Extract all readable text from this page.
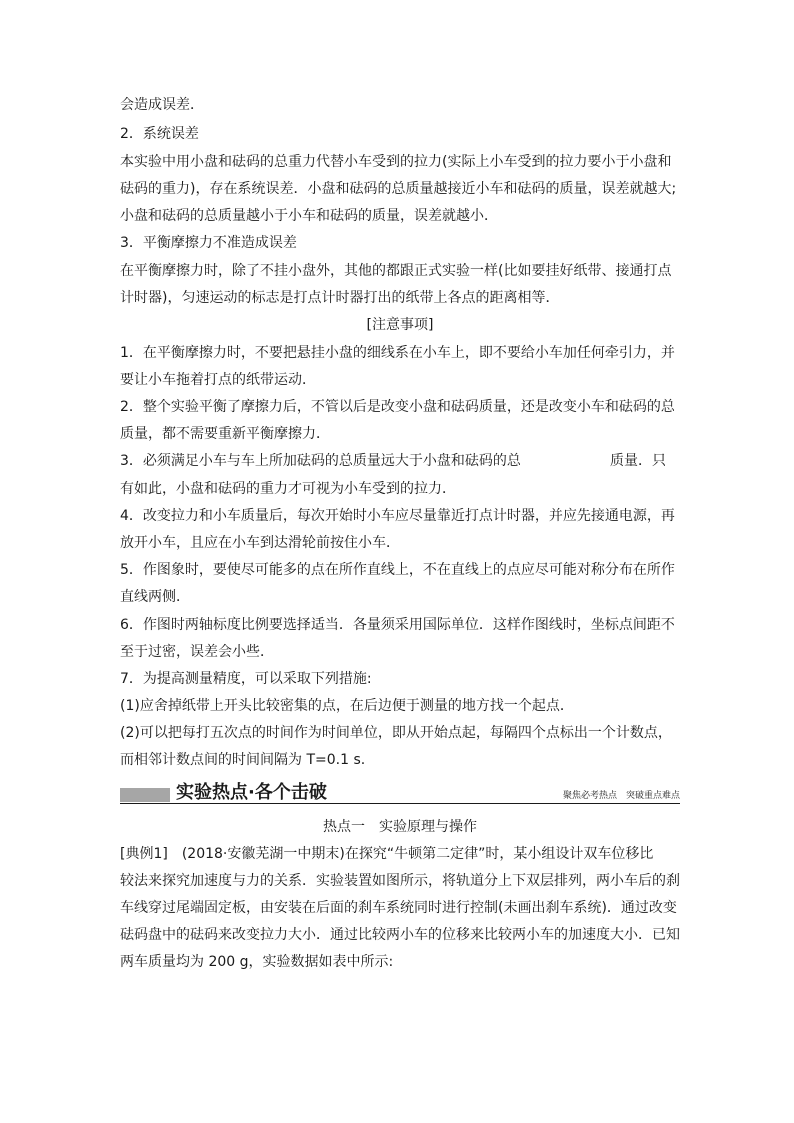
会造成误差．
2．系统误差
本实验中用小盘和砝码的总重力代替小车受到的拉力(实际上小车受到的拉力要小于小盘和
砝码的重力)，存在系统误差．小盘和砝码的总质量越接近小车和砝码的质量，误差就越大;
小盘和砝码的总质量越小于小车和砝码的质量，误差就越小．
3．平衡摩擦力不准造成误差
在平衡摩擦力时，除了不挂小盘外，其他的都跟正式实验一样(比如要挂好纸带、接通打点
计时器)，匀速运动的标志是打点计时器打出的纸带上各点的距离相等．
[注意事项]
1．在平衡摩擦力时，不要把悬挂小盘的细线系在小车上，即不要给小车加任何牵引力，并
要让小车拖着打点的纸带运动．
2．整个实验平衡了摩擦力后，不管以后是改变小盘和砝码质量，还是改变小车和砝码的总
质量，都不需要重新平衡摩擦力．
3．必须满足小车与车上所加砝码的总质量远大于小盘和砝码的总	质量．只
有如此，小盘和砝码的重力才可视为小车受到的拉力．
4．改变拉力和小车质量后，每次开始时小车应尽量靠近打点计时器，并应先接通电源，再
放开小车，且应在小车到达滑轮前按住小车．
5．作图象时，要使尽可能多的点在所作直线上，不在直线上的点应尽可能对称分布在所作
直线两侧．
6．作图时两轴标度比例要选择适当．各量须采用国际单位．这样作图线时，坐标点间距不
至于过密，误差会小些．
7．为提高测量精度，可以采取下列措施:
(1)应舍掉纸带上开头比较密集的点，在后边便于测量的地方找一个起点．
(2)可以把每打五次点的时间作为时间单位，即从开始点起，每隔四个点标出一个计数点，
而相邻计数点间的时间间隔为 T=0.1 s.
实验热点·各个击破	聚焦必考热点　突破重点难点
热点一　实验原理与操作
[典例1]　(2018·安徽芜湖一中期末)在探究“牛顿第二定律”时，某小组设计双车位移比
较法来探究加速度与力的关系．实验装置如图所示，将轨道分上下双层排列，两小车后的刹
车线穿过尾端固定板，由安装在后面的刹车系统同时进行控制(未画出刹车系统)．通过改变
砝码盘中的砝码来改变拉力大小．通过比较两小车的位移来比较两小车的加速度大小．已知
两车质量均为 200 g，实验数据如表中所示:
